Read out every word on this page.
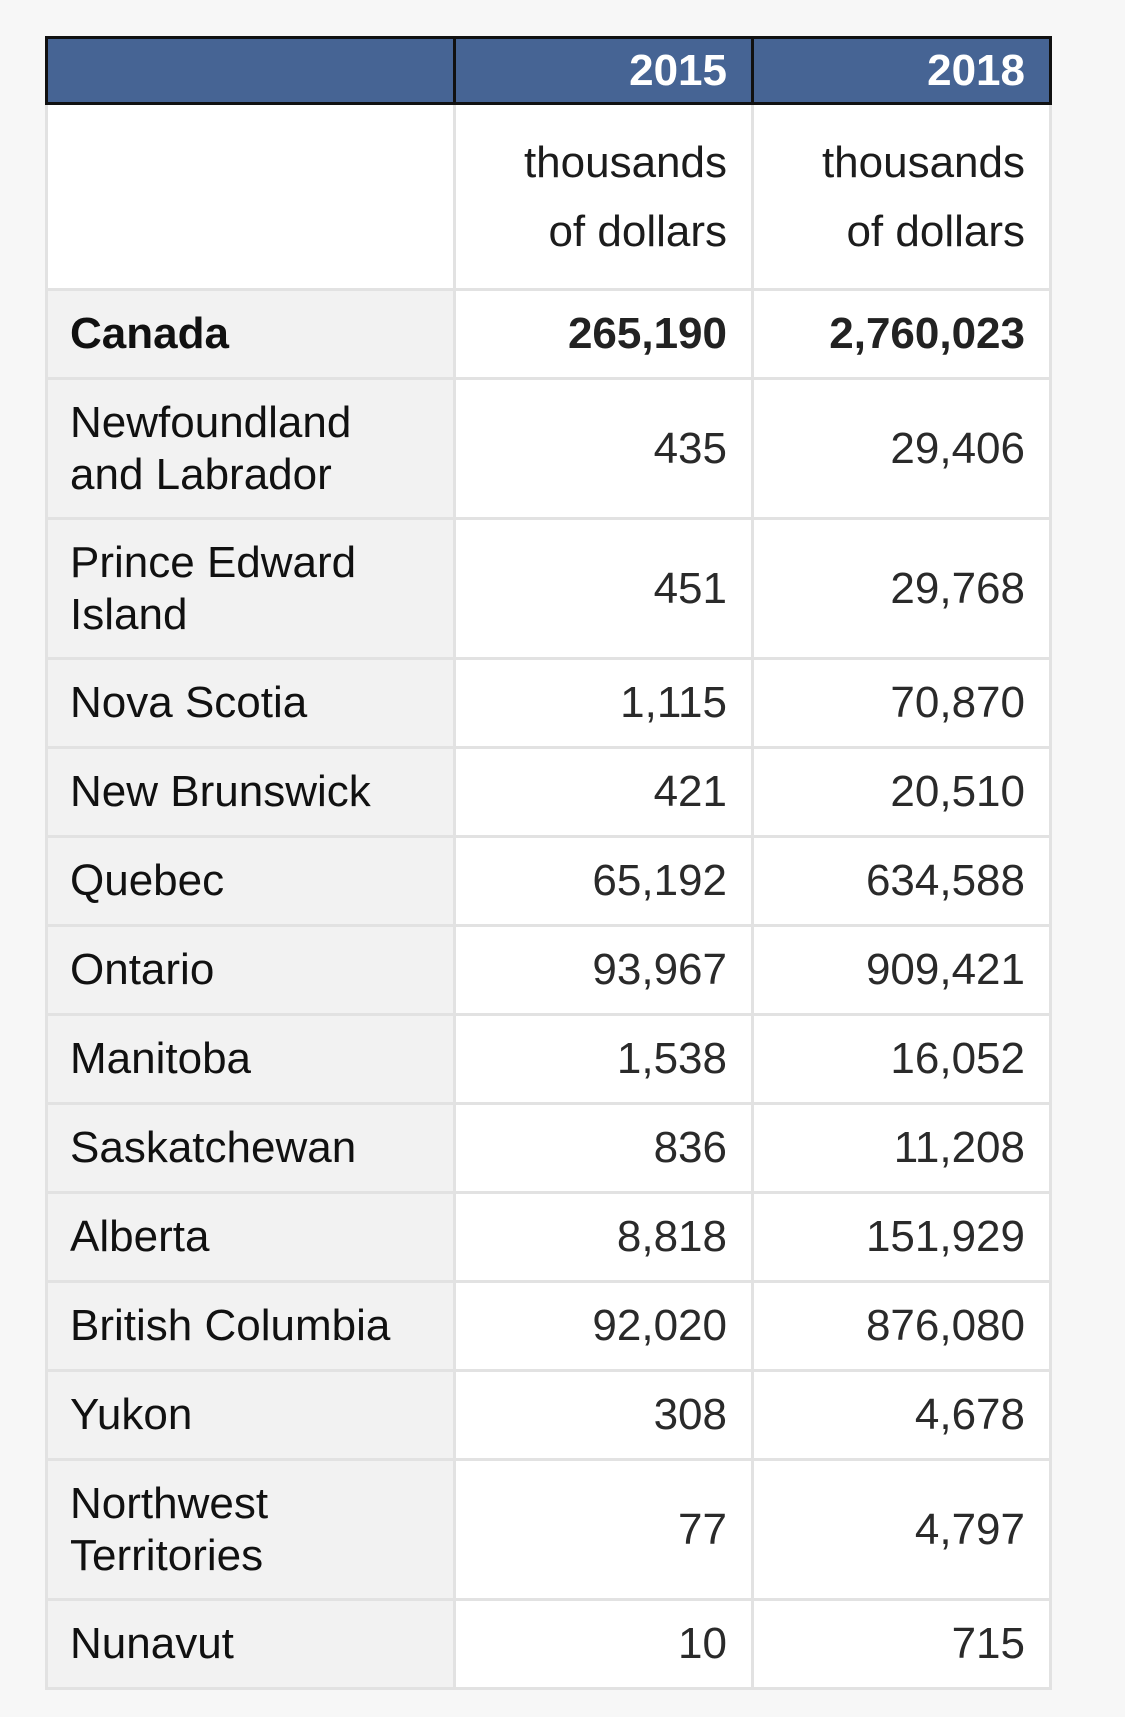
	2015	2018
	thousands of dollars	thousands of dollars
Canada	265,190	2,760,023
Newfoundland and Labrador	435	29,406
Prince Edward Island	451	29,768
Nova Scotia	1,115	70,870
New Brunswick	421	20,510
Quebec	65,192	634,588
Ontario	93,967	909,421
Manitoba	1,538	16,052
Saskatchewan	836	11,208
Alberta	8,818	151,929
British Columbia	92,020	876,080
Yukon	308	4,678
Northwest Territories	77	4,797
Nunavut	10	715
